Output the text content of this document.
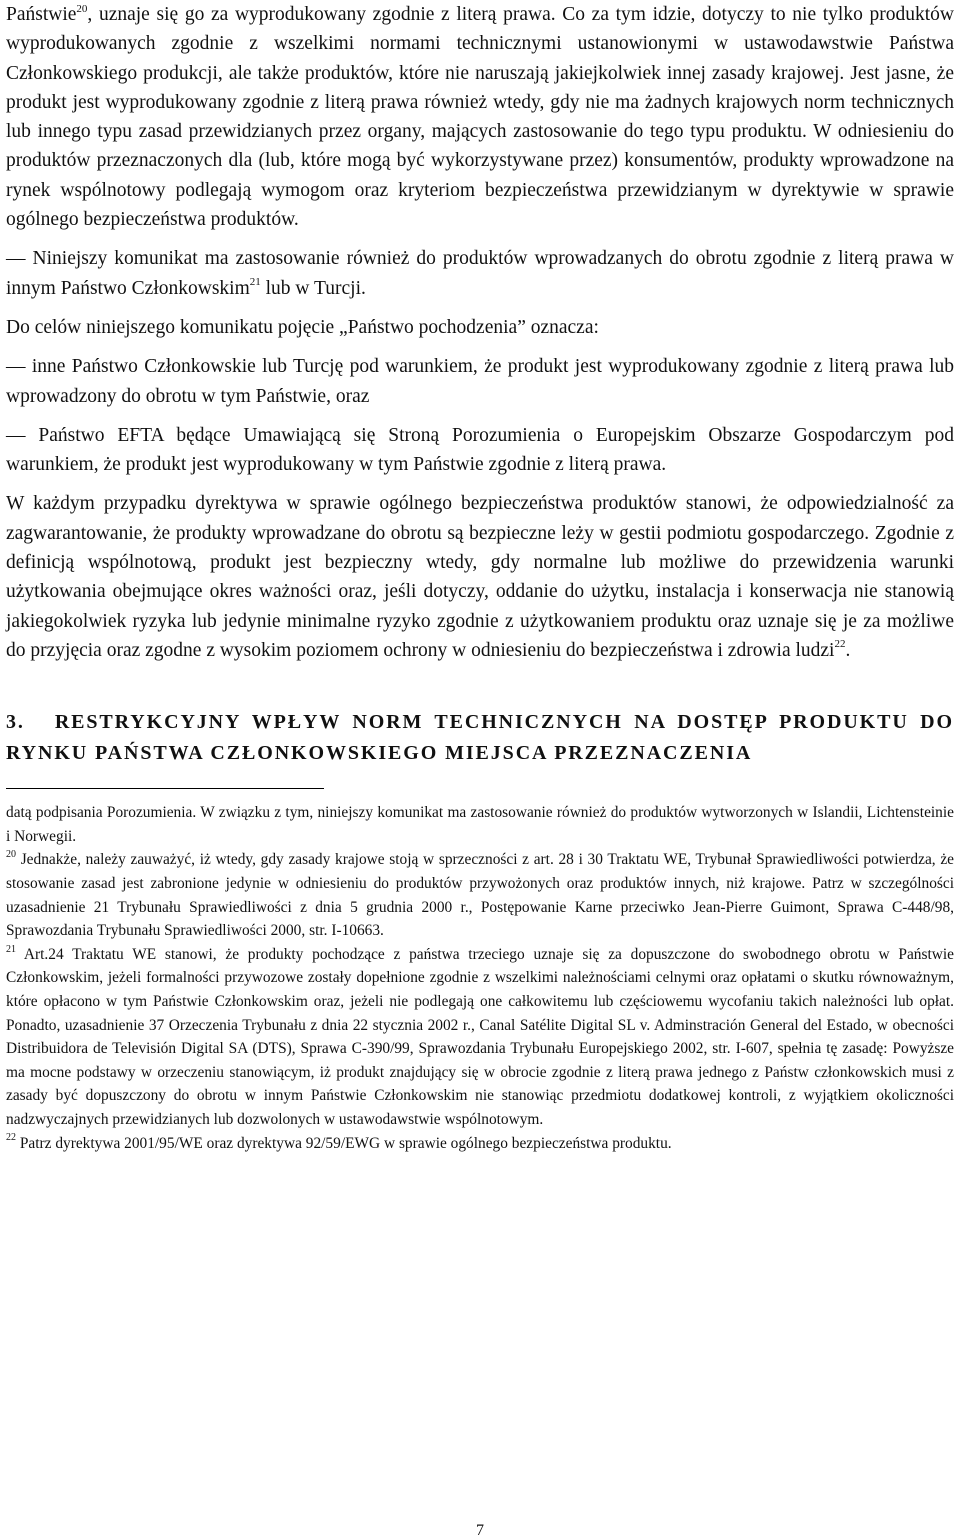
Państwie$^{20}$, uznaje się go za wyprodukowany zgodnie z literą prawa. Co za tym idzie, dotyczy to nie tylko produktów wyprodukowanych zgodnie z wszelkimi normami technicznymi ustanowionymi w ustawodawstwie Państwa Członkowskiego produkcji, ale także produktów, które nie naruszają jakiejkolwiek innej zasady krajowej. Jest jasne, że produkt jest wyprodukowany zgodnie z literą prawa również wtedy, gdy nie ma żadnych krajowych norm technicznych lub innego typu zasad przewidzianych przez organy, mających zastosowanie do tego typu produktu. W odniesieniu do produktów przeznaczonych dla (lub, które mogą być wykorzystywane przez) konsumentów, produkty wprowadzone na rynek wspólnotowy podlegają wymogom oraz kryteriom bezpieczeństwa przewidzianym w dyrektywie w sprawie ogólnego bezpieczeństwa produktów.

— Niniejszy komunikat ma zastosowanie również do produktów wprowadzanych do obrotu zgodnie z literą prawa w innym Państwo Członkowskim$^{21}$ lub w Turcji.

Do celów niniejszego komunikatu pojęcie „Państwo pochodzenia” oznacza:

— inne Państwo Członkowskie lub Turcję pod warunkiem, że produkt jest wyprodukowany zgodnie z literą prawa lub wprowadzony do obrotu w tym Państwie, oraz

— Państwo EFTA będące Umawiającą się Stroną Porozumienia o Europejskim Obszarze Gospodarczym pod warunkiem, że produkt jest wyprodukowany w tym Państwie zgodnie z literą prawa.

W każdym przypadku dyrektywa w sprawie ogólnego bezpieczeństwa produktów stanowi, że odpowiedzialność za zagwarantowanie, że produkty wprowadzane do obrotu są bezpieczne leży w gestii podmiotu gospodarczego. Zgodnie z definicją wspólnotową, produkt jest bezpieczny wtedy, gdy normalne lub możliwe do przewidzenia warunki użytkowania obejmujące okres ważności oraz, jeśli dotyczy, oddanie do użytku, instalacja i konserwacja nie stanowią jakiegokolwiek ryzyka lub jedynie minimalne ryzyko zgodnie z użytkowaniem produktu oraz uznaje się je za możliwe do przyjęcia oraz zgodne z wysokim poziomem ochrony w odniesieniu do bezpieczeństwa i zdrowia ludzi$^{22}$.

3. RESTRYKCYJNY WPŁYW NORM TECHNICZNYCH NA DOSTĘP PRODUKTU DO RYNKU PAŃSTWA CZŁONKOWSKIEGO MIEJSCA PRZEZNACZENIA

datą podpisania Porozumienia. W związku z tym, niniejszy komunikat ma zastosowanie również do produktów wytworzonych w Islandii, Lichtensteinie i Norwegii.

$^{20}$ Jednakże, należy zauważyć, iż wtedy, gdy zasady krajowe stoją w sprzeczności z art. 28 i 30 Traktatu WE, Trybunał Sprawiedliwości potwierdza, że stosowanie zasad jest zabronione jedynie w odniesieniu do produktów przywożonych oraz produktów innych, niż krajowe. Patrz w szczególności uzasadnienie 21 Trybunału Sprawiedliwości z dnia 5 grudnia 2000 r., Postępowanie Karne przeciwko Jean-Pierre Guimont, Sprawa C-448/98, Sprawozdania Trybunału Sprawiedliwości 2000, str. I-10663.

$^{21}$ Art.24 Traktatu WE stanowi, że produkty pochodzące z państwa trzeciego uznaje się za dopuszczone do swobodnego obrotu w Państwie Członkowskim, jeżeli formalności przywozowe zostały dopełnione zgodnie z wszelkimi należnościami celnymi oraz opłatami o skutku równoważnym, które opłacono w tym Państwie Członkowskim oraz, jeżeli nie podlegają one całkowitemu lub częściowemu wycofaniu takich należności lub opłat. Ponadto, uzasadnienie 37 Orzeczenia Trybunału z dnia 22 stycznia 2002 r., Canal Satélite Digital SL v. Adminstración General del Estado, w obecności Distribuidora de Televisión Digital SA (DTS), Sprawa C-390/99, Sprawozdania Trybunału Europejskiego 2002, str. I-607, spełnia tę zasadę: Powyższe ma mocne podstawy w orzeczeniu stanowiącym, iż produkt znajdujący się w obrocie zgodnie z literą prawa jednego z Państw członkowskich musi z zasady być dopuszczony do obrotu w innym Państwie Członkowskim nie stanowiąc przedmiotu dodatkowej kontroli, z wyjątkiem okoliczności nadzwyczajnych przewidzianych lub dozwolonych w ustawodawstwie wspólnotowym.

$^{22}$ Patrz dyrektywa 2001/95/WE oraz dyrektywa 92/59/EWG w sprawie ogólnego bezpieczeństwa produktu.

7
